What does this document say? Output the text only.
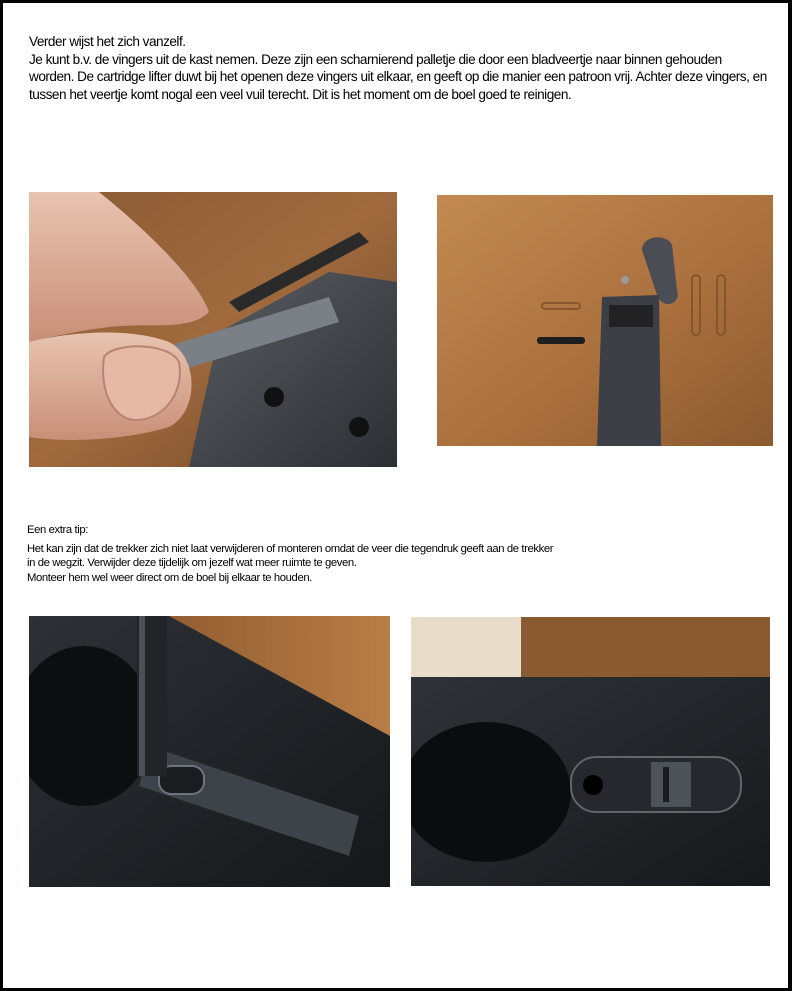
Verder wijst het zich vanzelf.

Je kunt b.v. de vingers uit de kast nemen. Deze zijn een scharnierend palletje die door een bladveertje naar binnen gehouden worden. De cartridge lifter duwt bij het openen deze vingers uit elkaar, en geeft op die manier een patroon vrij. Achter deze vingers, en tussen het veertje komt nogal een veel vuil terecht. Dit is het moment om de boel goed te reinigen.

Een extra tip:

Het kan zijn dat de trekker zich niet laat verwijderen of monteren omdat de veer die tegendruk geeft aan de trekker

in de wegzit. Verwijder deze tijdelijk om jezelf wat meer ruimte te geven.

Monteer hem wel weer direct om de boel bij elkaar te houden.
